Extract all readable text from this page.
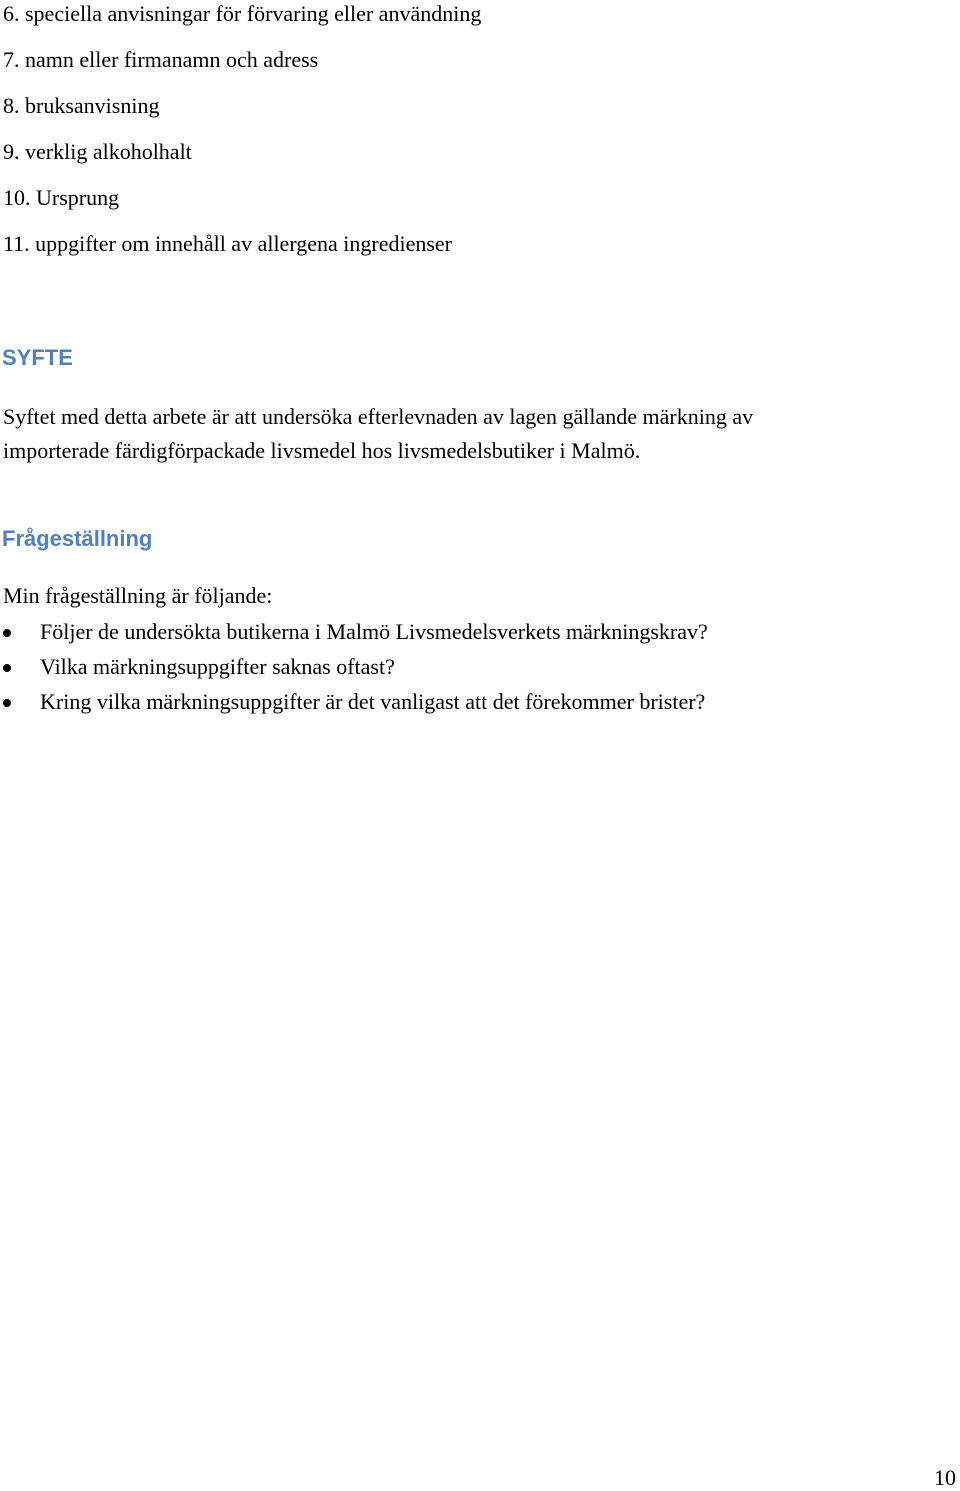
6. speciella anvisningar för förvaring eller användning
7. namn eller firmanamn och adress
8. bruksanvisning
9. verklig alkoholhalt
10. Ursprung
11. uppgifter om innehåll av allergena ingredienser
SYFTE
Syftet med detta arbete är att undersöka efterlevnaden av lagen gällande märkning av
importerade färdigförpackade livsmedel hos livsmedelsbutiker i Malmö.
Frågeställning
Min frågeställning är följande:
Följer de undersökta butikerna i Malmö Livsmedelsverkets märkningskrav?
Vilka märkningsuppgifter saknas oftast?
Kring vilka märkningsuppgifter är det vanligast att det förekommer brister?
10
